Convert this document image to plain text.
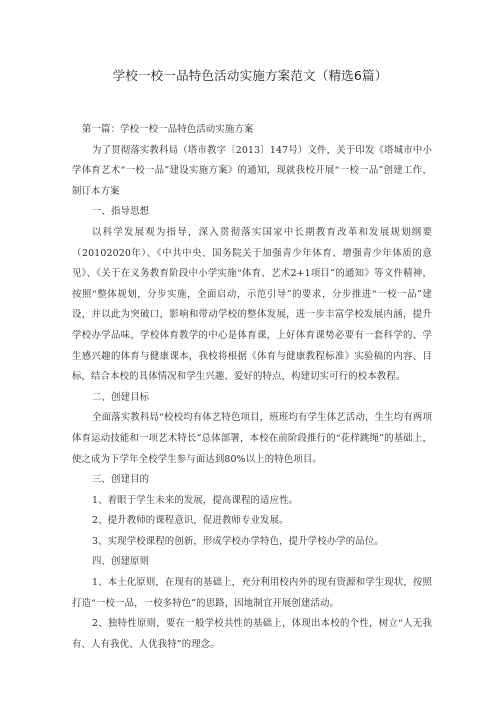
学校一校一品特色活动实施方案范文（精选6篇）

第一篇：学校一校一品特色活动实施方案

为了贯彻落实教科局（塔市教字〔2013〕147号）文件，关于印发《塔城市中小学体育艺术“一校一品”建设实施方案》的通知，现就我校开展“一校一品”创建工作，制订本方案

一、指导思想

以科学发展观为指导，深入贯彻落实国家中长期教育改革和发展规划纲要（20102020年）、《中共中央、国务院关于加强青少年体育、增强青少年体质的意见》、《关于在义务教育阶段中小学实施“体育、艺术2+1项目”的通知》等文件精神，按照“整体规划，分步实施，全面启动，示范引导”的要求，分步推进“一校一品”建设，并以此为突破口，影响和带动学校的整体发展，进一步丰富学校发展内涵，提升学校办学品味，学校体育教学的中心是体育课，上好体育课势必要有一套科学的、学生感兴趣的体育与健康课本，我校将根据《体育与健康教程标准》实验稿的内容、目标，结合本校的具体情况和学生兴趣、爱好的特点，构建切实可行的校本教程。

二、创建目标

全面落实教科局“校校均有体艺特色项目，班班均有学生体艺活动，生生均有两项体育运动技能和一项艺术特长”总体部署，本校在前阶段推行的“花样跳绳”的基础上，使之成为下学年全校学生参与面达到80%以上的特色项目。

三、创建目的

1、着眼于学生未来的发展，提高课程的适应性。

2、提升教师的课程意识，促进教师专业发展。

3、实现学校课程的创新，形成学校办学特色，提升学校办学的品位。

四、创建原则

1、本土化原则，在现有的基础上，充分利用校内外的现有资源和学生现状，按照打造“一校一品，一校多特色”的思路，因地制宜开展创建活动。

2、独特性原则，要在一般学校共性的基础上，体现出本校的个性，树立“人无我有、人有我优、人优我特”的理念。
